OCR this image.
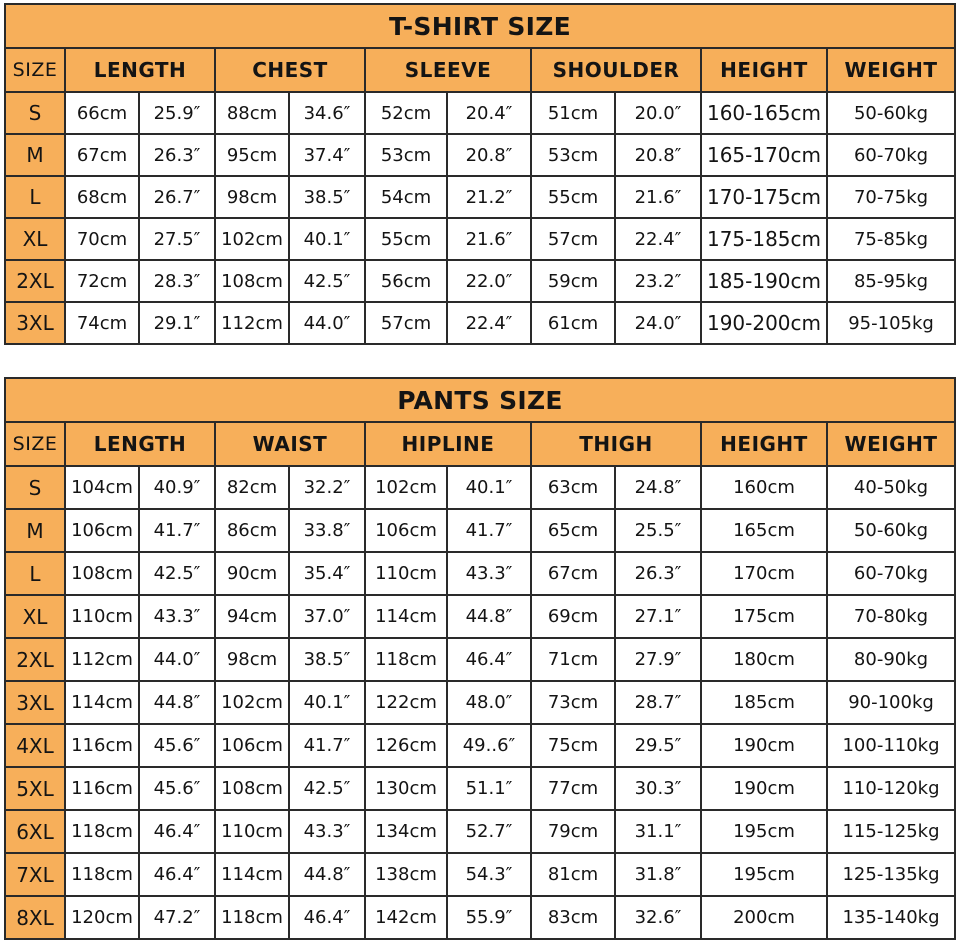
T-SHIRT SIZE										
SIZE	LENGTH		CHEST		SLEEVE		SHOULDER		HEIGHT	WEIGHT
S	66cm	25.9″	88cm	34.6″	52cm	20.4″	51cm	20.0″	160-165cm	50-60kg
M	67cm	26.3″	95cm	37.4″	53cm	20.8″	53cm	20.8″	165-170cm	60-70kg
L	68cm	26.7″	98cm	38.5″	54cm	21.2″	55cm	21.6″	170-175cm	70-75kg
XL	70cm	27.5″	102cm	40.1″	55cm	21.6″	57cm	22.4″	175-185cm	75-85kg
2XL	72cm	28.3″	108cm	42.5″	56cm	22.0″	59cm	23.2″	185-190cm	85-95kg
3XL	74cm	29.1″	112cm	44.0″	57cm	22.4″	61cm	24.0″	190-200cm	95-105kg
PANTS SIZE										
SIZE	LENGTH		WAIST		HIPLINE		THIGH		HEIGHT	WEIGHT
S	104cm	40.9″	82cm	32.2″	102cm	40.1″	63cm	24.8″	160cm	40-50kg
M	106cm	41.7″	86cm	33.8″	106cm	41.7″	65cm	25.5″	165cm	50-60kg
L	108cm	42.5″	90cm	35.4″	110cm	43.3″	67cm	26.3″	170cm	60-70kg
XL	110cm	43.3″	94cm	37.0″	114cm	44.8″	69cm	27.1″	175cm	70-80kg
2XL	112cm	44.0″	98cm	38.5″	118cm	46.4″	71cm	27.9″	180cm	80-90kg
3XL	114cm	44.8″	102cm	40.1″	122cm	48.0″	73cm	28.7″	185cm	90-100kg
4XL	116cm	45.6″	106cm	41.7″	126cm	49..6″	75cm	29.5″	190cm	100-110kg
5XL	116cm	45.6″	108cm	42.5″	130cm	51.1″	77cm	30.3″	190cm	110-120kg
6XL	118cm	46.4″	110cm	43.3″	134cm	52.7″	79cm	31.1″	195cm	115-125kg
7XL	118cm	46.4″	114cm	44.8″	138cm	54.3″	81cm	31.8″	195cm	125-135kg
8XL	120cm	47.2″	118cm	46.4″	142cm	55.9″	83cm	32.6″	200cm	135-140kg
